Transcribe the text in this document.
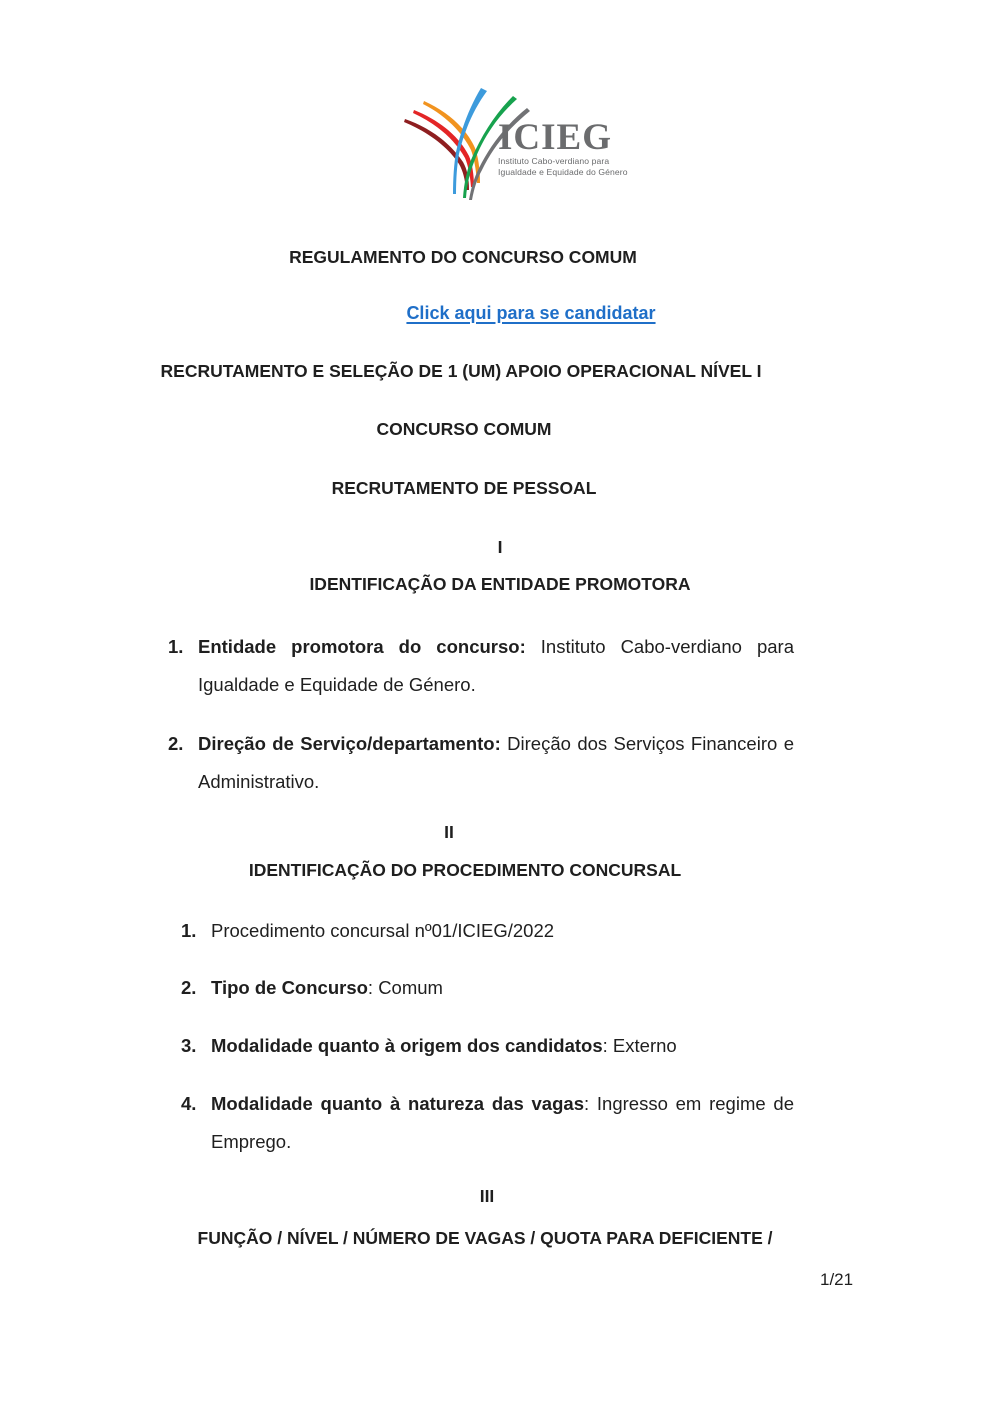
ICIEG
Instituto Cabo-verdiano para
Igualdade e Equidade do Género
REGULAMENTO DO CONCURSO COMUM
Click aqui para se candidatar
RECRUTAMENTO E SELEÇÃO DE 1 (UM) APOIO OPERACIONAL NÍVEL I
CONCURSO COMUM
RECRUTAMENTO DE PESSOAL
I
IDENTIFICAÇÃO DA ENTIDADE PROMOTORA
1. Entidade promotora do concurso: Instituto Cabo-verdiano para Igualdade e Equidade de Género.
2. Direção de Serviço/departamento: Direção dos Serviços Financeiro e Administrativo.
II
IDENTIFICAÇÃO DO PROCEDIMENTO CONCURSAL
1. Procedimento concursal nº01/ICIEG/2022
2. Tipo de Concurso: Comum
3. Modalidade quanto à origem dos candidatos: Externo
4. Modalidade quanto à natureza das vagas: Ingresso em regime de Emprego.
III
FUNÇÃO / NÍVEL / NÚMERO DE VAGAS / QUOTA PARA DEFICIENTE /
1/21
